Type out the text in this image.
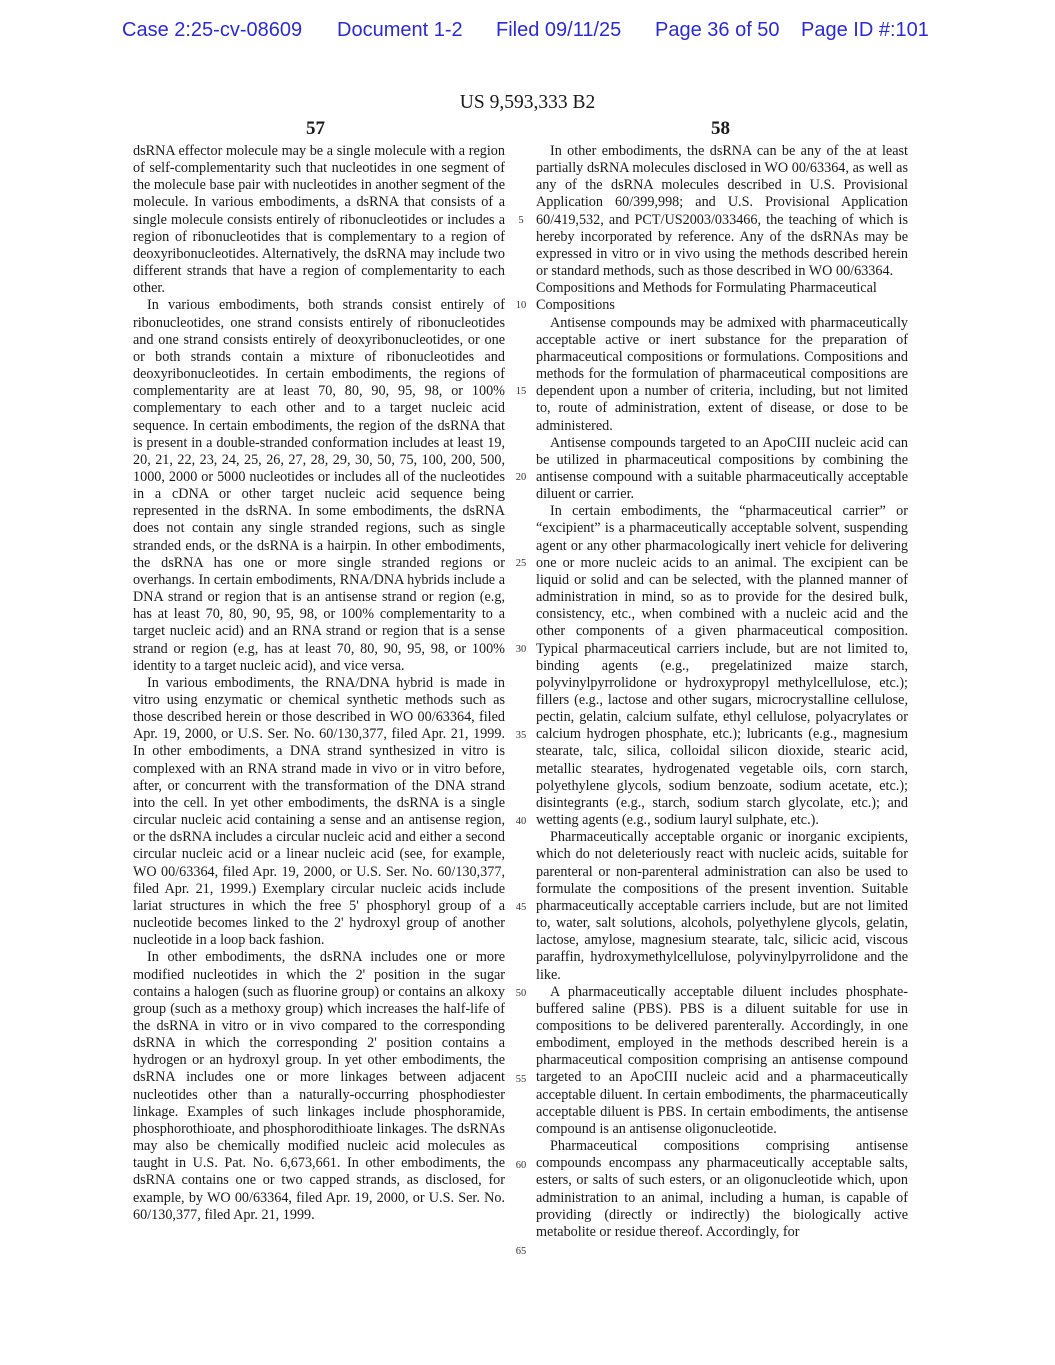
Case 2:25-cv-08609 Document 1-2 Filed 09/11/25 Page 36 of 50 Page ID #:101
US 9,593,333 B2
57	58

dsRNA effector molecule may be a single molecule with a region of self-complementarity such that nucleotides in one segment of the molecule base pair with nucleotides in another segment of the molecule. In various embodiments, a dsRNA that consists of a single molecule consists entirely of ribonucleotides or includes a region of ribonucleotides that is complementary to a region of deoxyribonucleotides. Alternatively, the dsRNA may include two different strands that have a region of complementarity to each other.

In various embodiments, both strands consist entirely of ribonucleotides, one strand consists entirely of ribonucleotides and one strand consists entirely of deoxyribonucleotides, or one or both strands contain a mixture of ribonucleotides and deoxyribonucleotides. In certain embodiments, the regions of complementarity are at least 70, 80, 90, 95, 98, or 100% complementary to each other and to a target nucleic acid sequence. In certain embodiments, the region of the dsRNA that is present in a double-stranded conformation includes at least 19, 20, 21, 22, 23, 24, 25, 26, 27, 28, 29, 30, 50, 75, 100, 200, 500, 1000, 2000 or 5000 nucleotides or includes all of the nucleotides in a cDNA or other target nucleic acid sequence being represented in the dsRNA. In some embodiments, the dsRNA does not contain any single stranded regions, such as single stranded ends, or the dsRNA is a hairpin. In other embodiments, the dsRNA has one or more single stranded regions or overhangs. In certain embodiments, RNA/DNA hybrids include a DNA strand or region that is an antisense strand or region (e.g, has at least 70, 80, 90, 95, 98, or 100% complementarity to a target nucleic acid) and an RNA strand or region that is a sense strand or region (e.g, has at least 70, 80, 90, 95, 98, or 100% identity to a target nucleic acid), and vice versa.

In various embodiments, the RNA/DNA hybrid is made in vitro using enzymatic or chemical synthetic methods such as those described herein or those described in WO 00/63364, filed Apr. 19, 2000, or U.S. Ser. No. 60/130,377, filed Apr. 21, 1999. In other embodiments, a DNA strand synthesized in vitro is complexed with an RNA strand made in vivo or in vitro before, after, or concurrent with the transformation of the DNA strand into the cell. In yet other embodiments, the dsRNA is a single circular nucleic acid containing a sense and an antisense region, or the dsRNA includes a circular nucleic acid and either a second circular nucleic acid or a linear nucleic acid (see, for example, WO 00/63364, filed Apr. 19, 2000, or U.S. Ser. No. 60/130,377, filed Apr. 21, 1999.) Exemplary circular nucleic acids include lariat structures in which the free 5' phosphoryl group of a nucleotide becomes linked to the 2' hydroxyl group of another nucleotide in a loop back fashion.

In other embodiments, the dsRNA includes one or more modified nucleotides in which the 2' position in the sugar contains a halogen (such as fluorine group) or contains an alkoxy group (such as a methoxy group) which increases the half-life of the dsRNA in vitro or in vivo compared to the corresponding dsRNA in which the corresponding 2' position contains a hydrogen or an hydroxyl group. In yet other embodiments, the dsRNA includes one or more linkages between adjacent nucleotides other than a naturally-occurring phosphodiester linkage. Examples of such linkages include phosphoramide, phosphorothioate, and phosphorodithioate linkages. The dsRNAs may also be chemically modified nucleic acid molecules as taught in U.S. Pat. No. 6,673,661. In other embodiments, the dsRNA contains one or two capped strands, as disclosed, for example, by WO 00/63364, filed Apr. 19, 2000, or U.S. Ser. No. 60/130,377, filed Apr. 21, 1999.

In other embodiments, the dsRNA can be any of the at least partially dsRNA molecules disclosed in WO 00/63364, as well as any of the dsRNA molecules described in U.S. Provisional Application 60/399,998; and U.S. Provisional Application 60/419,532, and PCT/US2003/033466, the teaching of which is hereby incorporated by reference. Any of the dsRNAs may be expressed in vitro or in vivo using the methods described herein or standard methods, such as those described in WO 00/63364.

Compositions and Methods for Formulating Pharmaceutical Compositions

Antisense compounds may be admixed with pharmaceutically acceptable active or inert substance for the preparation of pharmaceutical compositions or formulations. Compositions and methods for the formulation of pharmaceutical compositions are dependent upon a number of criteria, including, but not limited to, route of administration, extent of disease, or dose to be administered.

Antisense compounds targeted to an ApoCIII nucleic acid can be utilized in pharmaceutical compositions by combining the antisense compound with a suitable pharmaceutically acceptable diluent or carrier.

In certain embodiments, the “pharmaceutical carrier” or “excipient” is a pharmaceutically acceptable solvent, suspending agent or any other pharmacologically inert vehicle for delivering one or more nucleic acids to an animal. The excipient can be liquid or solid and can be selected, with the planned manner of administration in mind, so as to provide for the desired bulk, consistency, etc., when combined with a nucleic acid and the other components of a given pharmaceutical composition. Typical pharmaceutical carriers include, but are not limited to, binding agents (e.g., pregelatinized maize starch, polyvinylpyrrolidone or hydroxypropyl methylcellulose, etc.); fillers (e.g., lactose and other sugars, microcrystalline cellulose, pectin, gelatin, calcium sulfate, ethyl cellulose, polyacrylates or calcium hydrogen phosphate, etc.); lubricants (e.g., magnesium stearate, talc, silica, colloidal silicon dioxide, stearic acid, metallic stearates, hydrogenated vegetable oils, corn starch, polyethylene glycols, sodium benzoate, sodium acetate, etc.); disintegrants (e.g., starch, sodium starch glycolate, etc.); and wetting agents (e.g., sodium lauryl sulphate, etc.).

Pharmaceutically acceptable organic or inorganic excipients, which do not deleteriously react with nucleic acids, suitable for parenteral or non-parenteral administration can also be used to formulate the compositions of the present invention. Suitable pharmaceutically acceptable carriers include, but are not limited to, water, salt solutions, alcohols, polyethylene glycols, gelatin, lactose, amylose, magnesium stearate, talc, silicic acid, viscous paraffin, hydroxymethylcellulose, polyvinylpyrrolidone and the like.

A pharmaceutically acceptable diluent includes phosphate-buffered saline (PBS). PBS is a diluent suitable for use in compositions to be delivered parenterally. Accordingly, in one embodiment, employed in the methods described herein is a pharmaceutical composition comprising an antisense compound targeted to an ApoCIII nucleic acid and a pharmaceutically acceptable diluent. In certain embodiments, the pharmaceutically acceptable diluent is PBS. In certain embodiments, the antisense compound is an antisense oligonucleotide.

Pharmaceutical compositions comprising antisense compounds encompass any pharmaceutically acceptable salts, esters, or salts of such esters, or an oligonucleotide which, upon administration to an animal, including a human, is capable of providing (directly or indirectly) the biologically active metabolite or residue thereof. Accordingly, for

5
10
15
20
25
30
35
40
45
50
55
60
65
